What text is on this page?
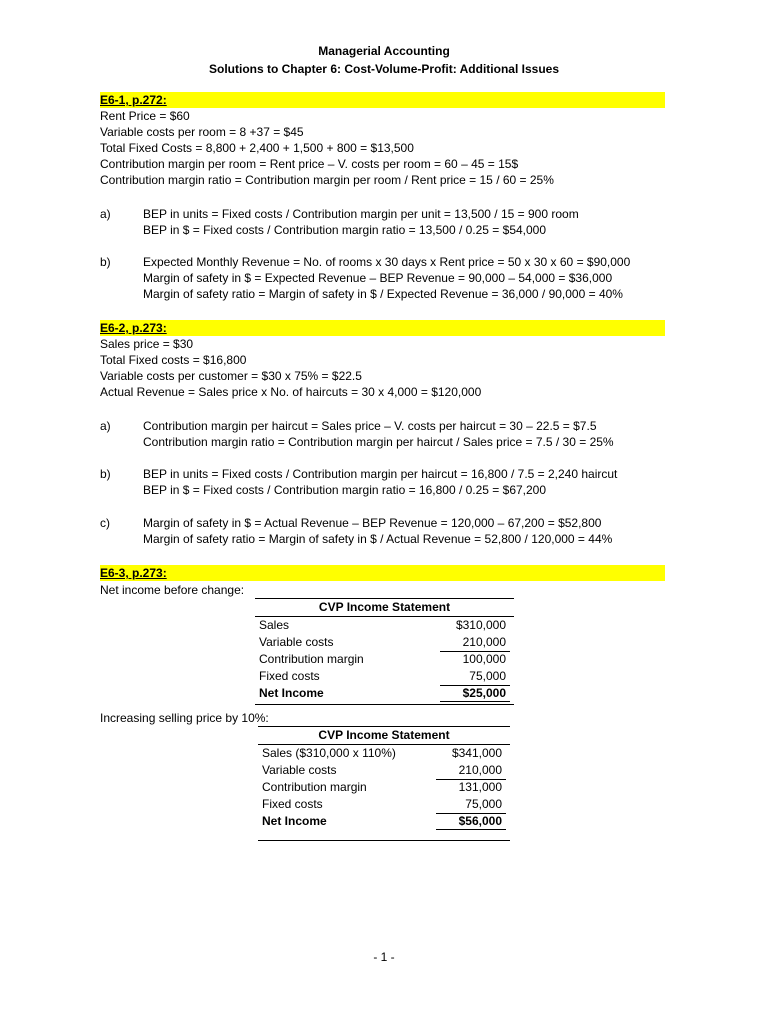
Managerial Accounting
Solutions to Chapter 6: Cost-Volume-Profit: Additional Issues
E6-1, p.272:
Rent Price = $60
Variable costs per room = 8 +37 = $45
Total Fixed Costs = 8,800 + 2,400 + 1,500 + 800 = $13,500
Contribution margin per room = Rent price – V. costs per room = 60 – 45 = 15$
Contribution margin ratio = Contribution margin per room / Rent price = 15 / 60 = 25%
a)	BEP in units = Fixed costs / Contribution margin per unit = 13,500 / 15 = 900 room
BEP in $ = Fixed costs / Contribution margin ratio = 13,500 / 0.25 = $54,000
b)	Expected Monthly Revenue = No. of rooms x 30 days x Rent price = 50 x 30 x 60 = $90,000
Margin of safety in $ = Expected Revenue – BEP Revenue = 90,000 – 54,000 = $36,000
Margin of safety ratio = Margin of safety in $ / Expected Revenue = 36,000 / 90,000 = 40%
E6-2, p.273:
Sales price = $30
Total Fixed costs = $16,800
Variable costs per customer = $30 x 75% = $22.5
Actual Revenue = Sales price x No. of haircuts = 30 x 4,000 = $120,000
a)	Contribution margin per haircut = Sales price – V. costs per haircut = 30 – 22.5 = $7.5
Contribution margin ratio = Contribution margin per haircut / Sales price = 7.5 / 30 = 25%
b)	BEP in units = Fixed costs / Contribution margin per haircut = 16,800 / 7.5 = 2,240 haircut
BEP in $ = Fixed costs / Contribution margin ratio = 16,800 / 0.25 = $67,200
c)	Margin of safety in $ = Actual Revenue – BEP Revenue = 120,000 – 67,200 = $52,800
Margin of safety ratio = Margin of safety in $ / Actual Revenue = 52,800 / 120,000 = 44%
E6-3, p.273:
Net income before change:
CVP Income Statement
Sales	$310,000
Variable costs	210,000
Contribution margin	100,000
Fixed costs	75,000
Net Income	$25,000
Increasing selling price by 10%:
CVP Income Statement
Sales ($310,000 x 110%)	$341,000
Variable costs	210,000
Contribution margin	131,000
Fixed costs	75,000
Net Income	$56,000
- 1 -
